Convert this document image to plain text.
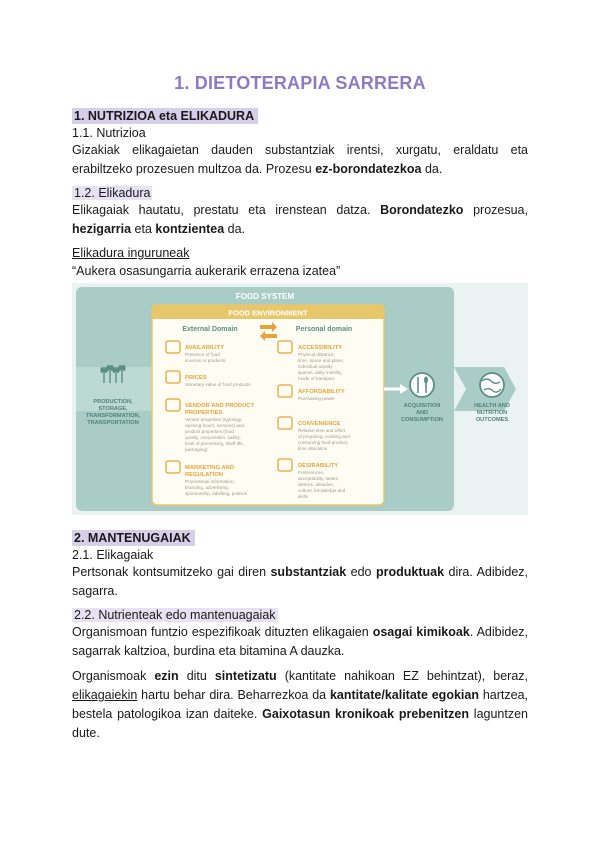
1. DIETOTERAPIA SARRERA
1. NUTRIZIOA eta ELIKADURA
1.1. Nutrizioa
Gizakiak elikagaietan dauden substantziak irentsi, xurgatu, eraldatu eta erabiltzeko prozesuen multzoa da. Prozesu ez-borondatezkoa da.
1.2. Elikadura
Elikagaiak hautatu, prestatu eta irenstean datza. Borondatezko prozesua, hezigarria eta kontzientea da.
Elikadura inguruneak
“Aukera osasungarria aukerarik errazena izatea”
FOOD SYSTEM
FOOD ENVIRONMENT
External Domain	Personal domain
AVAILABILITY
Presence of food
sources or products
PRICES
Monetary value of food products
VENDOR AND PRODUCT
PROPERTIES
Vendor properties (typology,
opening hours, services) and
product properties (food
quality, composition, safety,
level of processing, shelf-life,
packaging)
MARKETING AND
REGULATION
Promotional information,
branding, advertising,
sponsorship, labelling, policies
ACCESSIBILITY
Physical distance,
time, space and place,
individual activity
spaces, daily mobility,
mode of transport
AFFORDABILITY
Purchasing power
CONVENIENCE
Relative time and effort
of preparing, cooking and
consuming food product,
time allocation
DESIRABILITY
Preferences,
acceptability, tastes,
desires, attitudes,
culture, knowledge and
skills
PRODUCTION,
STORAGE,
TRANSFORMATION,
TRANSPORTATION
ACQUISITION
AND
CONSUMPTION
HEALTH AND
NUTRITION
OUTCOMES
2. MANTENUGAIAK
2.1. Elikagaiak
Pertsonak kontsumitzeko gai diren substantziak edo produktuak dira. Adibidez, sagarra.
2.2. Nutrienteak edo mantenuagaiak
Organismoan funtzio espezifikoak dituzten elikagaien osagai kimikoak. Adibidez, sagarrak kaltzioa, burdina eta bitamina A dauzka.
Organismoak ezin ditu sintetizatu (kantitate nahikoan EZ behintzat), beraz, elikagaiekin hartu behar dira. Beharrezkoa da kantitate/kalitate egokian hartzea, bestela patologikoa izan daiteke. Gaixotasun kronikoak prebenitzen laguntzen dute.
